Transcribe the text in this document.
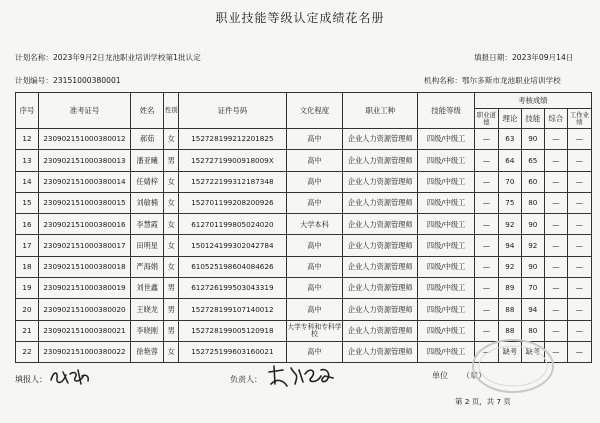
职业技能等级认定成绩花名册
计划名称：2023年9月2日龙池职业培训学校第1批认定	填报日期：2023年09月14日
计划编号：23151000380001	机构名称：鄂尔多斯市龙池职业培训学校
序号	准考证号	姓名	性别	证件号码	文化程度	职业工种	技能等级	考核成绩				
								职业道德	理论	技能	综合	工作业绩
12	230902151000380012	郝茹	女	152728199212201825	高中	企业人力资源管理师	四级/中级工	—	63	90	—	—
13	230902151000380013	潘亚曦	男	15272719900918009X	高中	企业人力资源管理师	四级/中级工	—	64	65	—	—
14	230902151000380014	任婧梓	女	152722199312187348	高中	企业人力资源管理师	四级/中级工	—	70	60	—	—
15	230902151000380015	刘敏楠	女	152701199208200926	高中	企业人力资源管理师	四级/中级工	—	75	80	—	—
16	230902151000380016	李慧霞	女	612701199805024020	大学本科	企业人力资源管理师	四级/中级工	—	92	90	—	—
17	230902151000380017	田明星	女	150124199302042784	高中	企业人力资源管理师	四级/中级工	—	94	92	—	—
18	230902151000380018	严海娟	女	610525198604084626	高中	企业人力资源管理师	四级/中级工	—	92	90	—	—
19	230902151000380019	刘世鑫	男	612726199503043319	高中	企业人力资源管理师	四级/中级工	—	89	70	—	—
20	230902151000380020	王晓龙	男	152728199107140012	高中	企业人力资源管理师	四级/中级工	—	88	94	—	—
21	230902151000380021	李晓刚	男	152728199005120918	大学专科和专科学校	企业人力资源管理师	四级/中级工	—	88	80	—	—
22	230902151000380022	徐艳蓉	女	152725199603160021	高中	企业人力资源管理师	四级/中级工	—	缺考	缺考	—	—
填报人：	负责人：	单位 （章）
第 2 页，共 7 页
